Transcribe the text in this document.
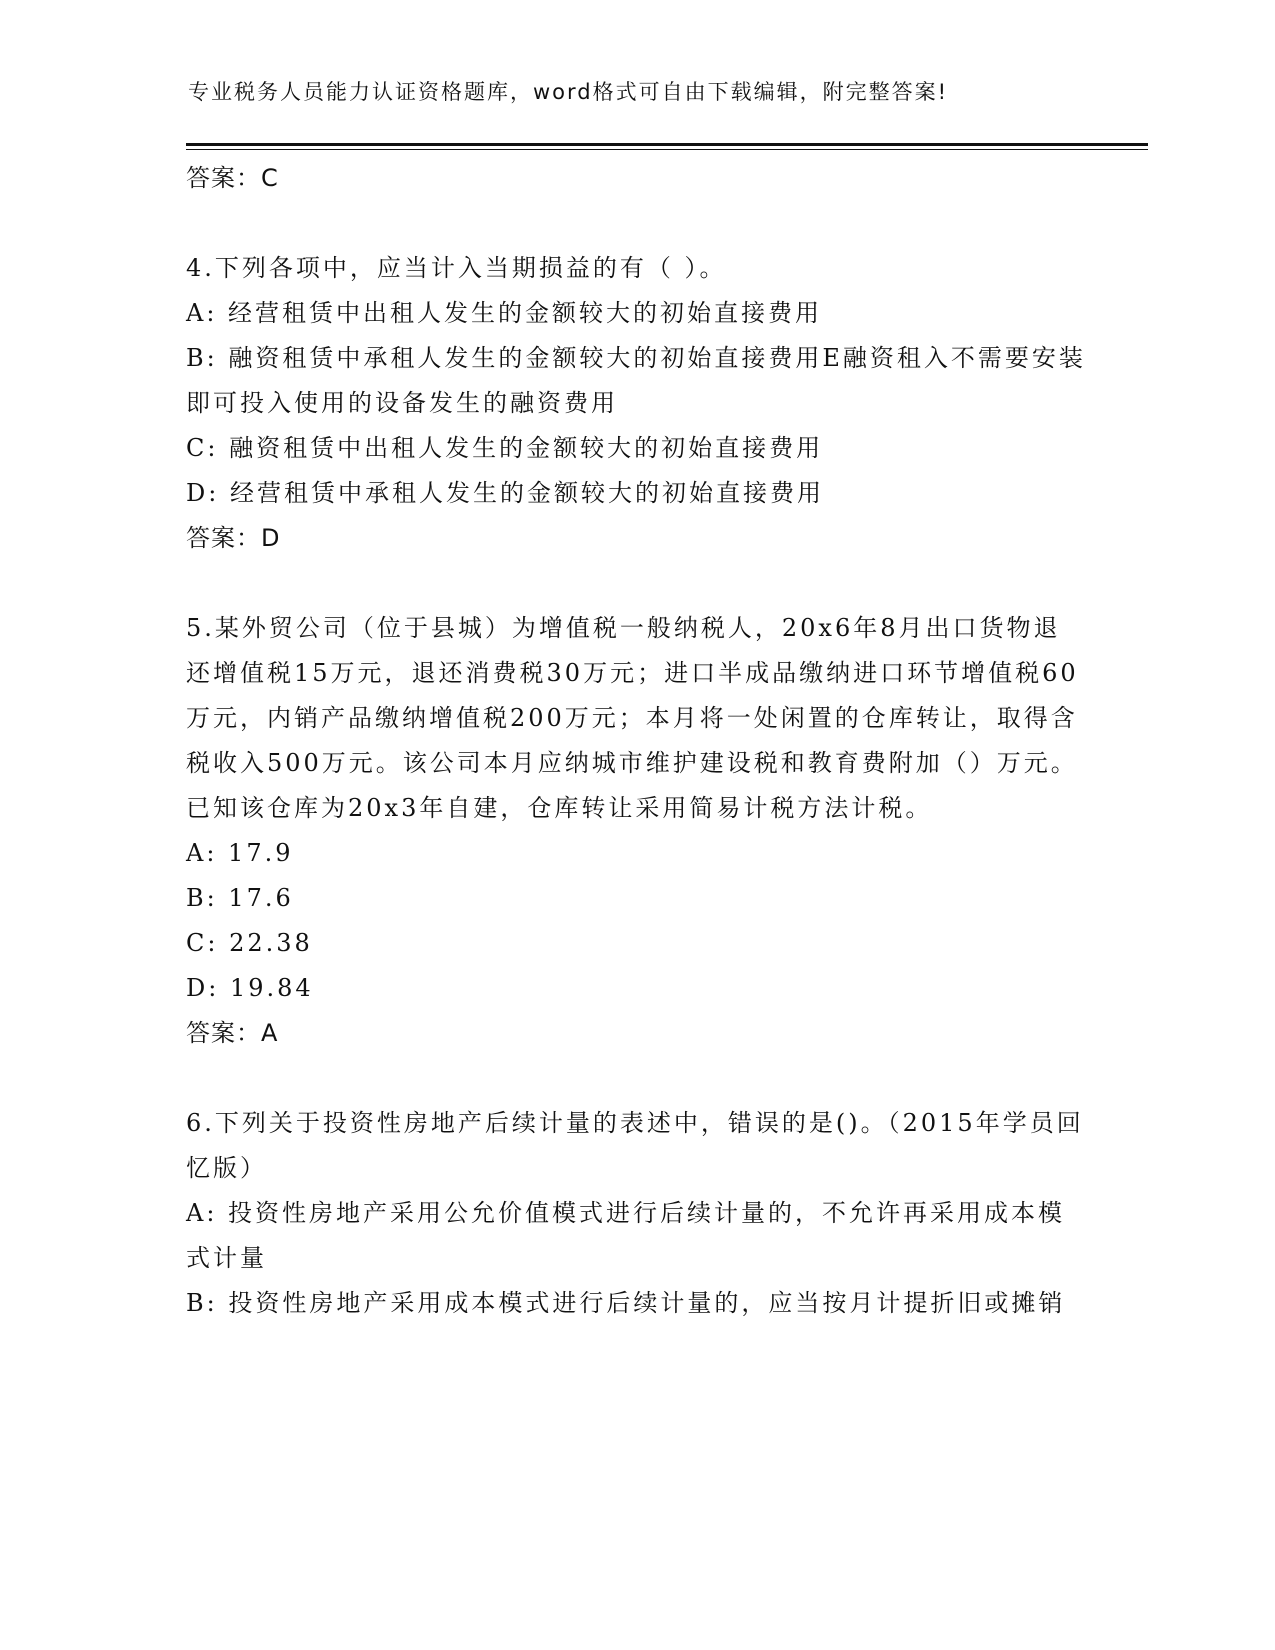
专业税务人员能力认证资格题库，word格式可自由下载编辑，附完整答案!
答案：C

4.下列各项中，应当计入当期损益的有（ ）。

A: 经营租赁中出租人发生的金额较大的初始直接费用

B: 融资租赁中承租人发生的金额较大的初始直接费用E融资租入不需要安装即可投入使用的设备发生的融资费用

C: 融资租赁中出租人发生的金额较大的初始直接费用

D: 经营租赁中承租人发生的金额较大的初始直接费用

答案：D

5.某外贸公司（位于县城）为增值税一般纳税人，20x6年8月出口货物退还增值税15万元，退还消费税30万元；进口半成品缴纳进口环节增值税60万元，内销产品缴纳增值税200万元；本月将一处闲置的仓库转让，取得含税收入500万元。该公司本月应纳城市维护建设税和教育费附加（）万元。已知该仓库为20x3年自建，仓库转让采用简易计税方法计税。

A: 17.9

B: 17.6

C: 22.38

D: 19.84

答案：A

6.下列关于投资性房地产后续计量的表述中，错误的是()。（2015年学员回忆版）

A: 投资性房地产采用公允价值模式进行后续计量的，不允许再采用成本模式计量

B: 投资性房地产采用成本模式进行后续计量的，应当按月计提折旧或摊销
